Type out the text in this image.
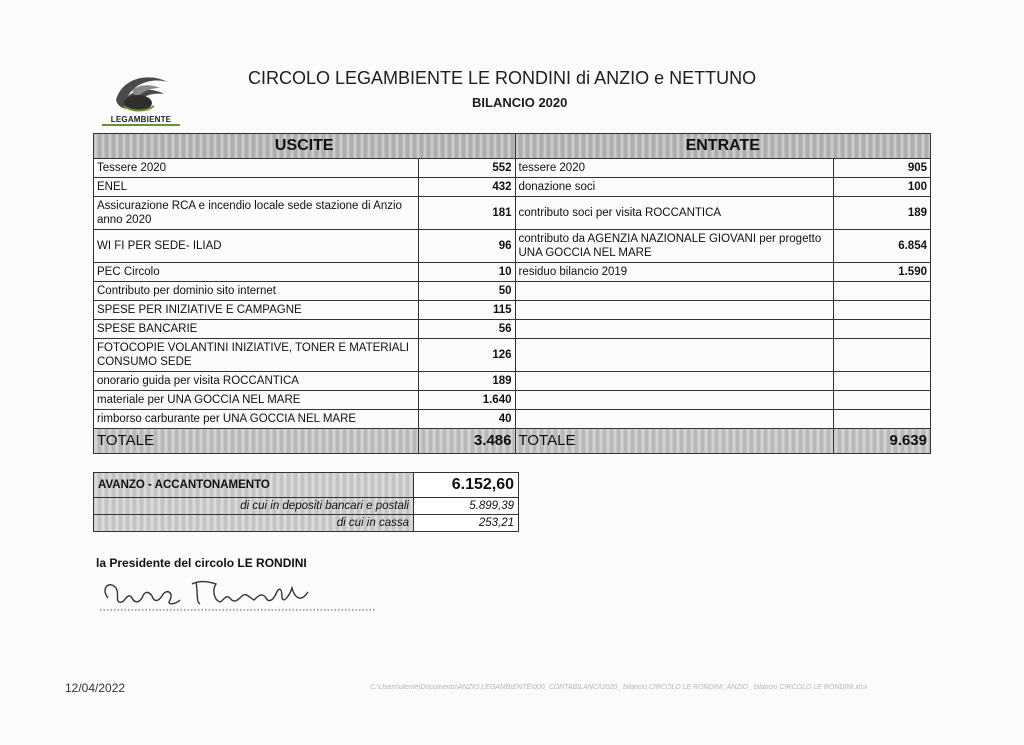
LEGAMBIENTE
CIRCOLO LEGAMBIENTE LE RONDINI di ANZIO e NETTUNO
BILANCIO 2020
USCITE		ENTRATE	
Tessere 2020	552	tessere 2020	905
ENEL	432	donazione soci	100
Assicurazione RCA e incendio locale sede stazione di Anzio anno 2020	181	contributo soci per visita ROCCANTICA	189
WI FI PER SEDE- ILIAD	96	contributo da AGENZIA NAZIONALE GIOVANI per progetto UNA GOCCIA NEL MARE	6.854
PEC Circolo	10	residuo bilancio 2019	1.590
Contributo per dominio sito internet	50		
SPESE PER INIZIATIVE E CAMPAGNE	115		
SPESE BANCARIE	56		
FOTOCOPIE VOLANTINI INIZIATIVE, TONER E MATERIALI CONSUMO SEDE	126		
onorario guida per visita ROCCANTICA	189		
materiale per UNA GOCCIA NEL MARE	1.640		
rimborso carburante per UNA GOCCIA NEL MARE	40		
TOTALE	3.486	TOTALE	9.639
AVANZO - ACCANTONAMENTO	6.152,60
di cui in depositi bancari e postali	5.899,39
di cui in cassa	253,21
la Presidente del circolo LE RONDINI
12/04/2022	C:\Users\utente\Documents\ANZIO LEGAMBIENTE\000_CONTABILANCI\2020_ bilancio CIRCOLO LE RONDINI_ANZIO_ bilancio CIRCOLO LE RONDINI.xlsx
